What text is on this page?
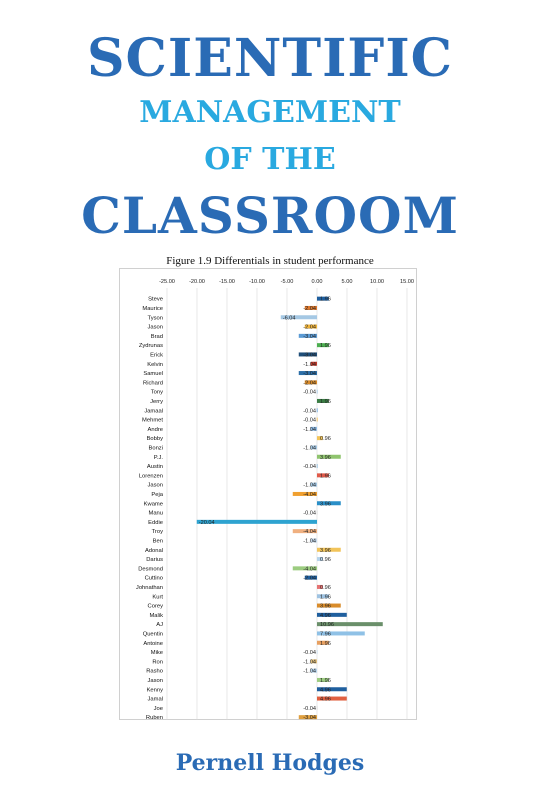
SCIENTIFIC
MANAGEMENT
OF THE
CLASSROOM
Figure 1.9 Differentials in student performance
-25.00	-20.00	-15.00	-10.00	-5.00	0.00	5.00	10.00	15.00
Steve	1.96
Maurice	-2.04
Tyson	-6.04
Jason	-2.04
Brad	-3.04
Zydrunas	1.96
Erick	-3.04
Kelvin	-1.04
Samuel	-3.04
Richard	-2.04
Tony	-0.04
Jerry	1.96
Jamaal	-0.04
Mehmet	-0.04
Andre	-1.04
Bobby	0.96
Bonzi	-1.04
P.J.	3.96
Austin	-0.04
Lorenzen	1.96
Jason	-1.04
Peja	-4.04
Kwame	3.96
Manu	-0.04
Eddie	-20.04
Troy	-4.04
Ben	-1.04
Adonal	3.96
Darius	0.96
Desmond	-4.04
Cuttino	-2.04
Johnathan	0.96
Kurt	1.96
Corey	3.96
Malik	4.96
AJ	10.96
Quentin	7.96
Antoine	1.96
Mike	-0.04
Ron	-1.04
Rasho	-1.04
Jason	1.96
Kenny	4.96
Jamal	4.96
Joe	-0.04
Ruben	-3.04
Pernell Hodges
